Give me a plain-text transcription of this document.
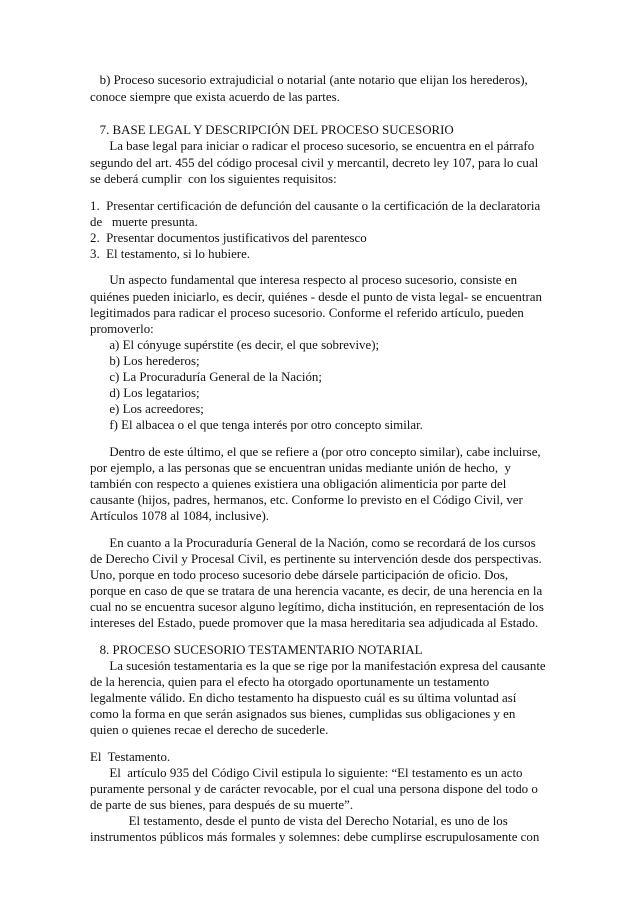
b) Proceso sucesorio extrajudicial o notarial (ante notario que elijan los herederos),
conoce siempre que exista acuerdo de las partes.
7. BASE LEGAL Y DESCRIPCIÓN DEL PROCESO SUCESORIO
La base legal para iniciar o radicar el proceso sucesorio, se encuentra en el párrafo
segundo del art. 455 del código procesal civil y mercantil, decreto ley 107, para lo cual
se deberá cumplir  con los siguientes requisitos:
1.  Presentar certificación de defunción del causante o la certificación de la declaratoria
de   muerte presunta.
2.  Presentar documentos justificativos del parentesco
3.  El testamento, si lo hubiere.
Un aspecto fundamental que interesa respecto al proceso sucesorio, consiste en
quiénes pueden iniciarlo, es decir, quiénes - desde el punto de vista legal- se encuentran
legitimados para radicar el proceso sucesorio. Conforme el referido artículo, pueden
promoverlo:
a) El cónyuge supérstite (es decir, el que sobrevive);
b) Los herederos;
c) La Procuraduría General de la Nación;
d) Los legatarios;
e) Los acreedores;
f) El albacea o el que tenga interés por otro concepto similar.
Dentro de este último, el que se refiere a (por otro concepto similar), cabe incluirse,
por ejemplo, a las personas que se encuentran unidas mediante unión de hecho,  y
también con respecto a quienes existiera una obligación alimenticia por parte del
causante (hijos, padres, hermanos, etc. Conforme lo previsto en el Código Civil, ver
Artículos 1078 al 1084, inclusive).
En cuanto a la Procuraduría General de la Nación, como se recordará de los cursos
de Derecho Civil y Procesal Civil, es pertinente su intervención desde dos perspectivas.
Uno, porque en todo proceso sucesorio debe dársele participación de oficio. Dos,
porque en caso de que se tratara de una herencia vacante, es decir, de una herencia en la
cual no se encuentra sucesor alguno legítimo, dicha institución, en representación de los
intereses del Estado, puede promover que la masa hereditaria sea adjudicada al Estado.
8. PROCESO SUCESORIO TESTAMENTARIO NOTARIAL
La sucesión testamentaria es la que se rige por la manifestación expresa del causante
de la herencia, quien para el efecto ha otorgado oportunamente un testamento
legalmente válido. En dicho testamento ha dispuesto cuál es su última voluntad así
como la forma en que serán asignados sus bienes, cumplidas sus obligaciones y en
quien o quienes recae el derecho de sucederle.
El  Testamento.
El  artículo 935 del Código Civil estipula lo siguiente: “El testamento es un acto
puramente personal y de carácter revocable, por el cual una persona dispone del todo o
de parte de sus bienes, para después de su muerte”.
El testamento, desde el punto de vista del Derecho Notarial, es uno de los
instrumentos públicos más formales y solemnes: debe cumplirse escrupulosamente con
